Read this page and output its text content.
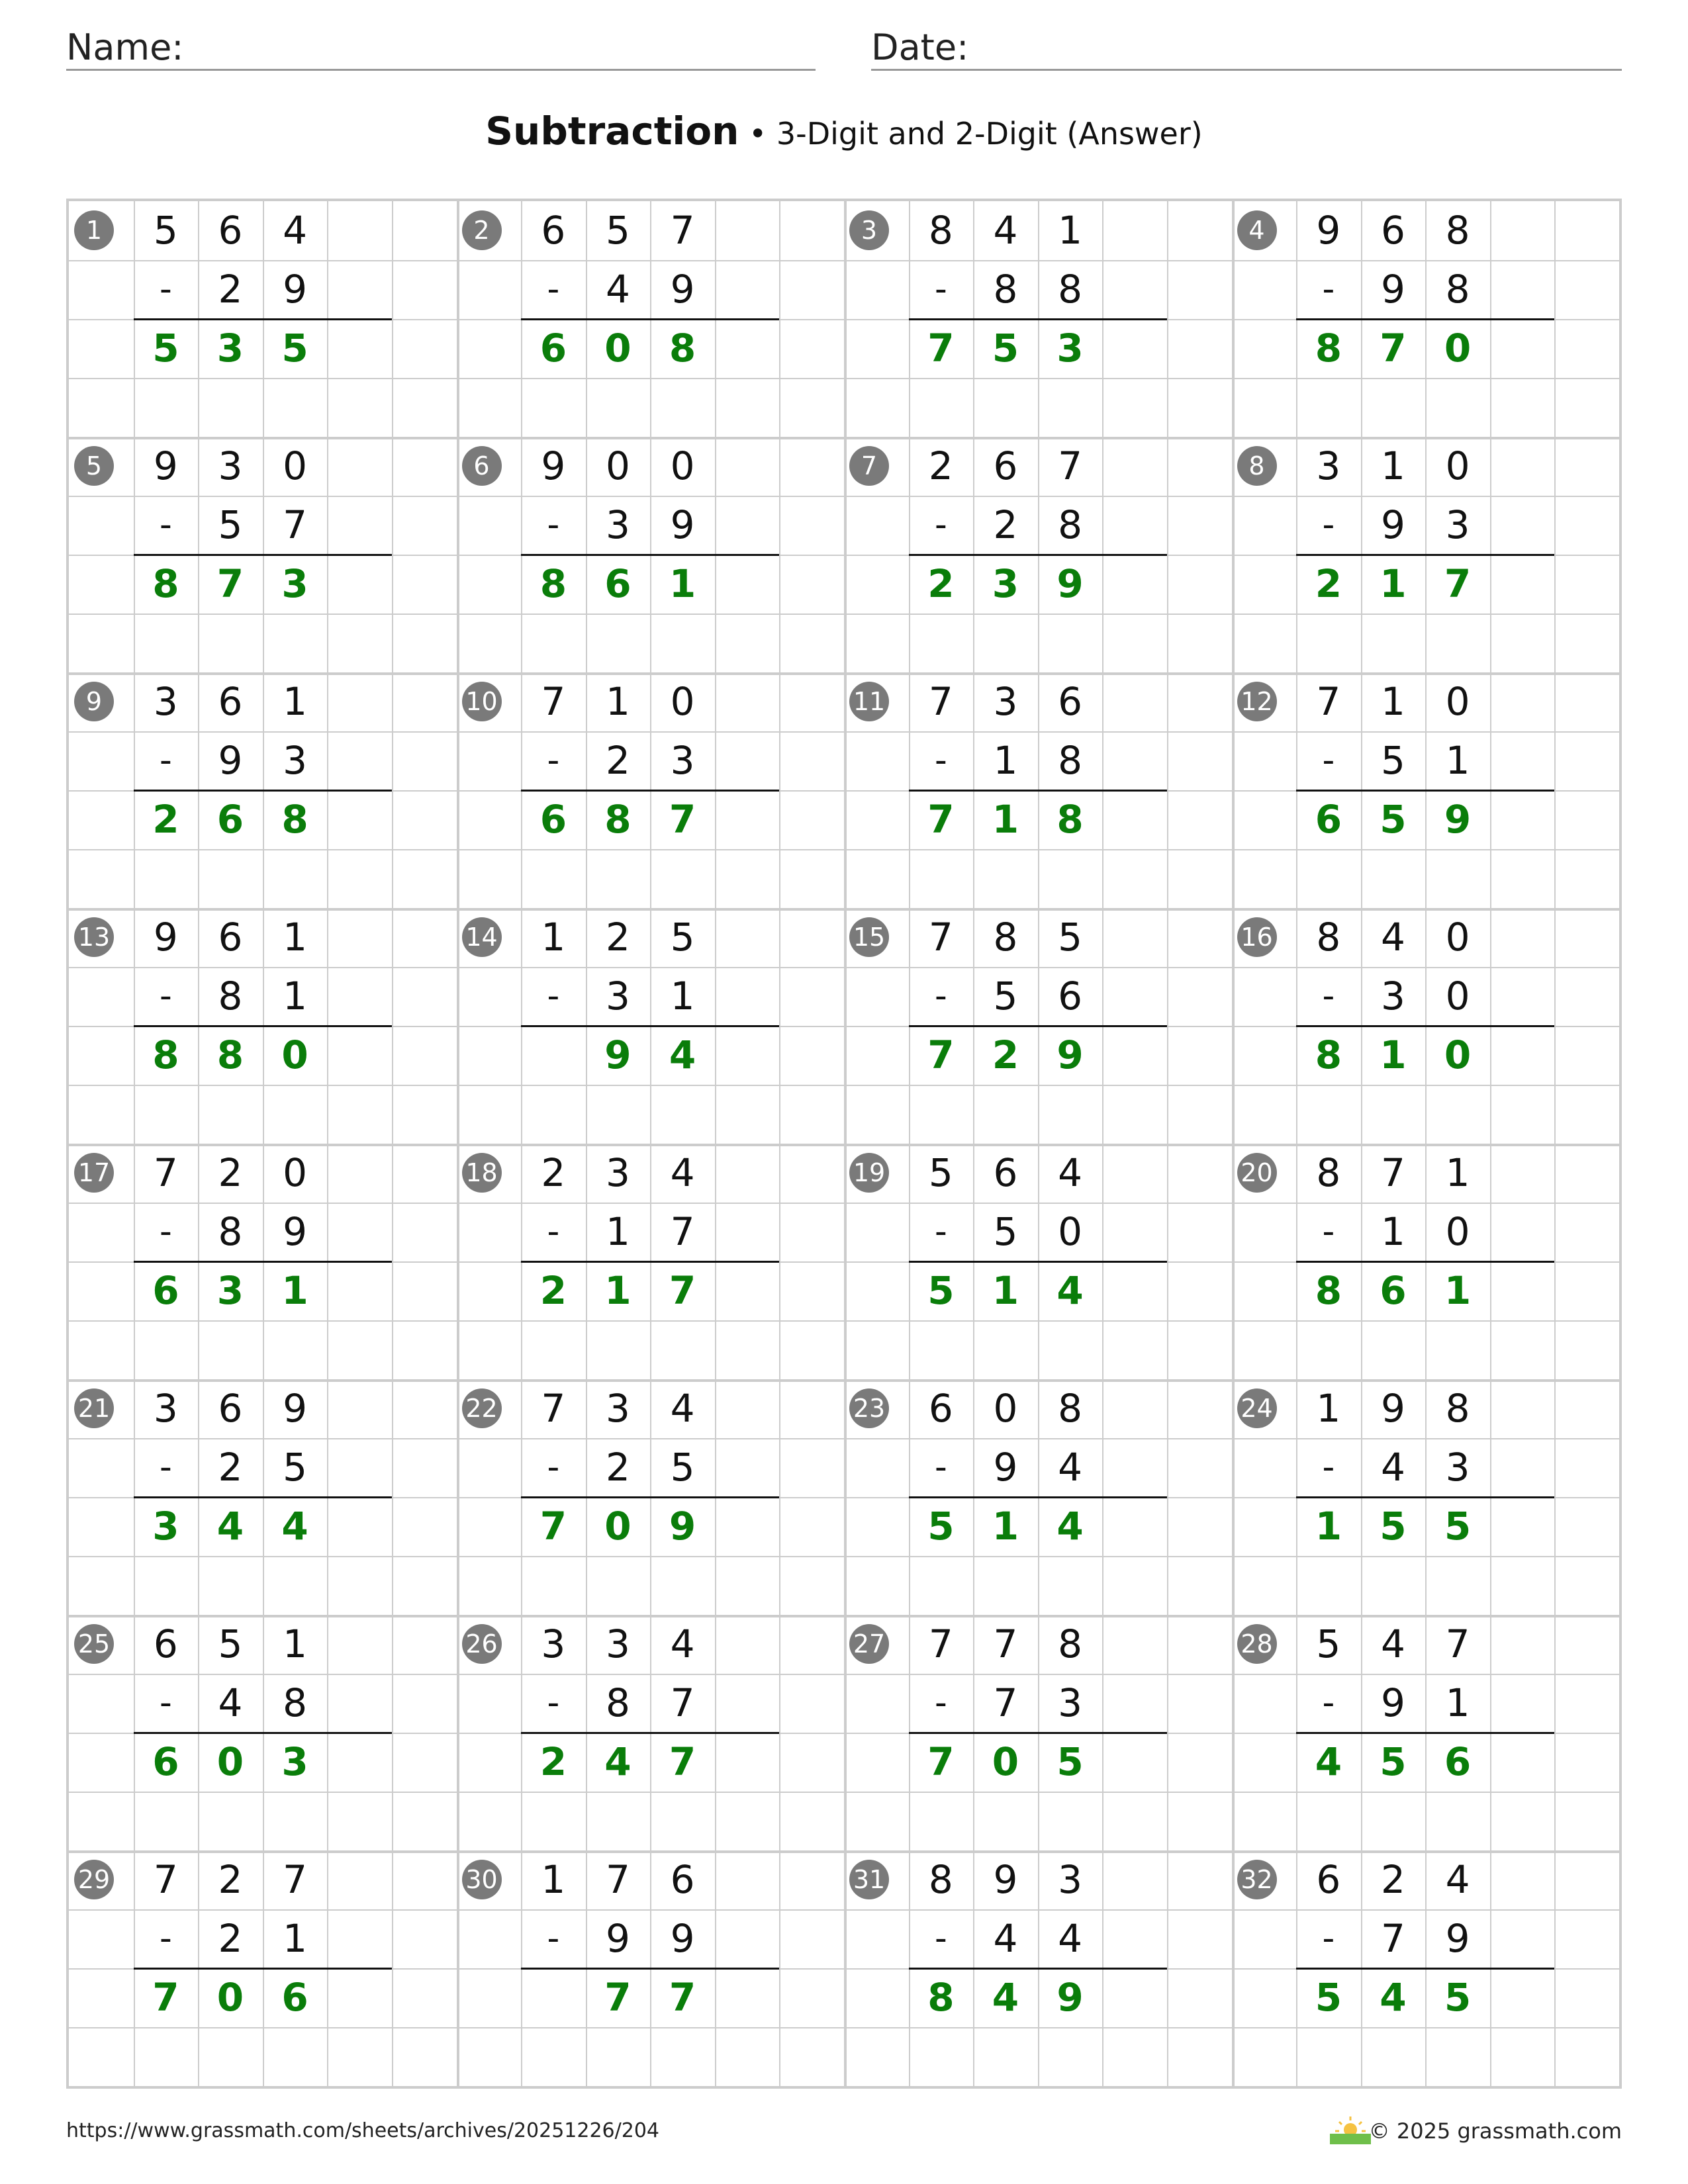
Name:	Date:
Subtraction • 3-Digit and 2-Digit (Answer)
1	5	6	4
-	2	9
5 3 5
2	6	5	7
-	4	9
6 0 8
3	8	4	1
-	8	8
7 5 3
4	9	6	8
-	9	8
8 7 0
5	9	3	0
-	5	7
8 7 3
6	9	0	0
-	3	9
8 6 1
7	2	6	7
-	2	8
2 3 9
8	3	1	0
-	9	3
2 1 7
9	3	6	1
-	9	3
2 6 8
10	7	1	0
-	2	3
6 8 7
11	7	3	6
-	1	8
7 1 8
12	7	1	0
-	5	1
6 5 9
13	9	6	1
-	8	1
8 8 0
14	1	2	5
-	3	1
9 4
15	7	8	5
-	5	6
7 2 9
16	8	4	0
-	3	0
8 1 0
17	7	2	0
-	8	9
6 3 1
18	2	3	4
-	1	7
2 1 7
19	5	6	4
-	5	0
5 1 4
20	8	7	1
-	1	0
8 6 1
21	3	6	9
-	2	5
3 4 4
22	7	3	4
-	2	5
7 0 9
23	6	0	8
-	9	4
5 1 4
24	1	9	8
-	4	3
1 5 5
25	6	5	1
-	4	8
6 0 3
26	3	3	4
-	8	7
2 4 7
27	7	7	8
-	7	3
7 0 5
28	5	4	7
-	9	1
4 5 6
29	7	2	7
-	2	1
7 0 6
30	1	7	6
-	9	9
7 7
31	8	9	3
-	4	4
8 4 9
32	6	2	4
-	7	9
5 4 5
https://www.grassmath.com/sheets/archives/20251226/204	© 2025 grassmath.com
